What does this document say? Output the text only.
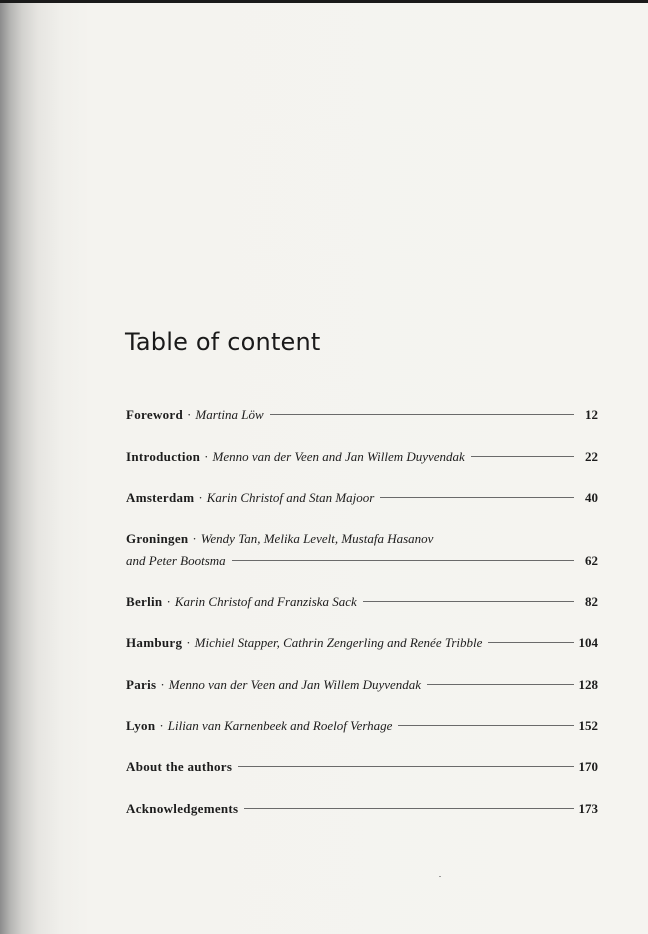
Table of content
Foreword · Martina Löw	12
Introduction · Menno van der Veen and Jan Willem Duyvendak	22
Amsterdam · Karin Christof and Stan Majoor	40
Groningen · Wendy Tan, Melika Levelt, Mustafa Hasanov
and Peter Bootsma	62
Berlin · Karin Christof and Franziska Sack	82
Hamburg · Michiel Stapper, Cathrin Zengerling and Renée Tribble	104
Paris · Menno van der Veen and Jan Willem Duyvendak	128
Lyon · Lilian van Karnenbeek and Roelof Verhage	152
About the authors	170
Acknowledgements	173
